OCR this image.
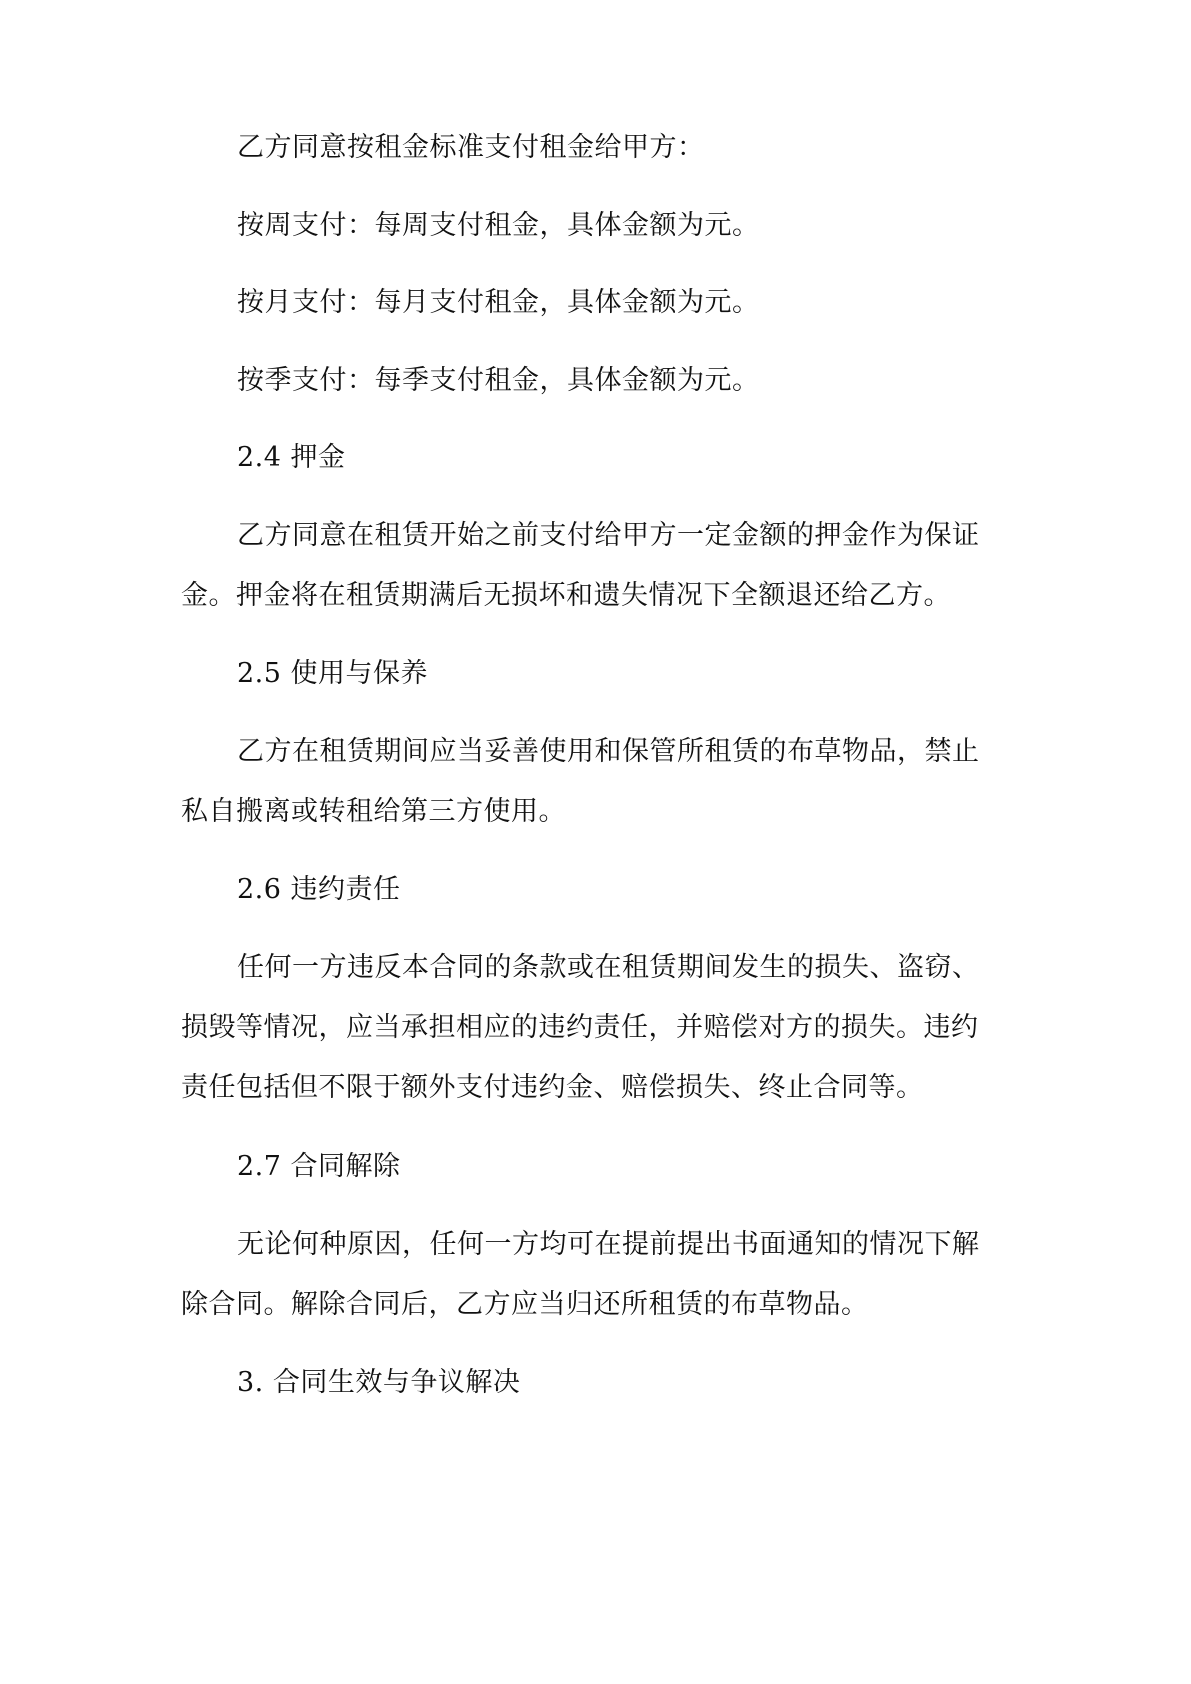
乙方同意按租金标准支付租金给甲方：

按周支付：每周支付租金，具体金额为元。

按月支付：每月支付租金，具体金额为元。

按季支付：每季支付租金，具体金额为元。

2.4 押金

乙方同意在租赁开始之前支付给甲方一定金额的押金作为保证

金。押金将在租赁期满后无损坏和遗失情况下全额退还给乙方。

2.5 使用与保养

乙方在租赁期间应当妥善使用和保管所租赁的布草物品，禁止

私自搬离或转租给第三方使用。

2.6 违约责任

任何一方违反本合同的条款或在租赁期间发生的损失、盗窃、

损毁等情况，应当承担相应的违约责任，并赔偿对方的损失。违约

责任包括但不限于额外支付违约金、赔偿损失、终止合同等。

2.7 合同解除

无论何种原因，任何一方均可在提前提出书面通知的情况下解

除合同。解除合同后，乙方应当归还所租赁的布草物品。

3. 合同生效与争议解决
